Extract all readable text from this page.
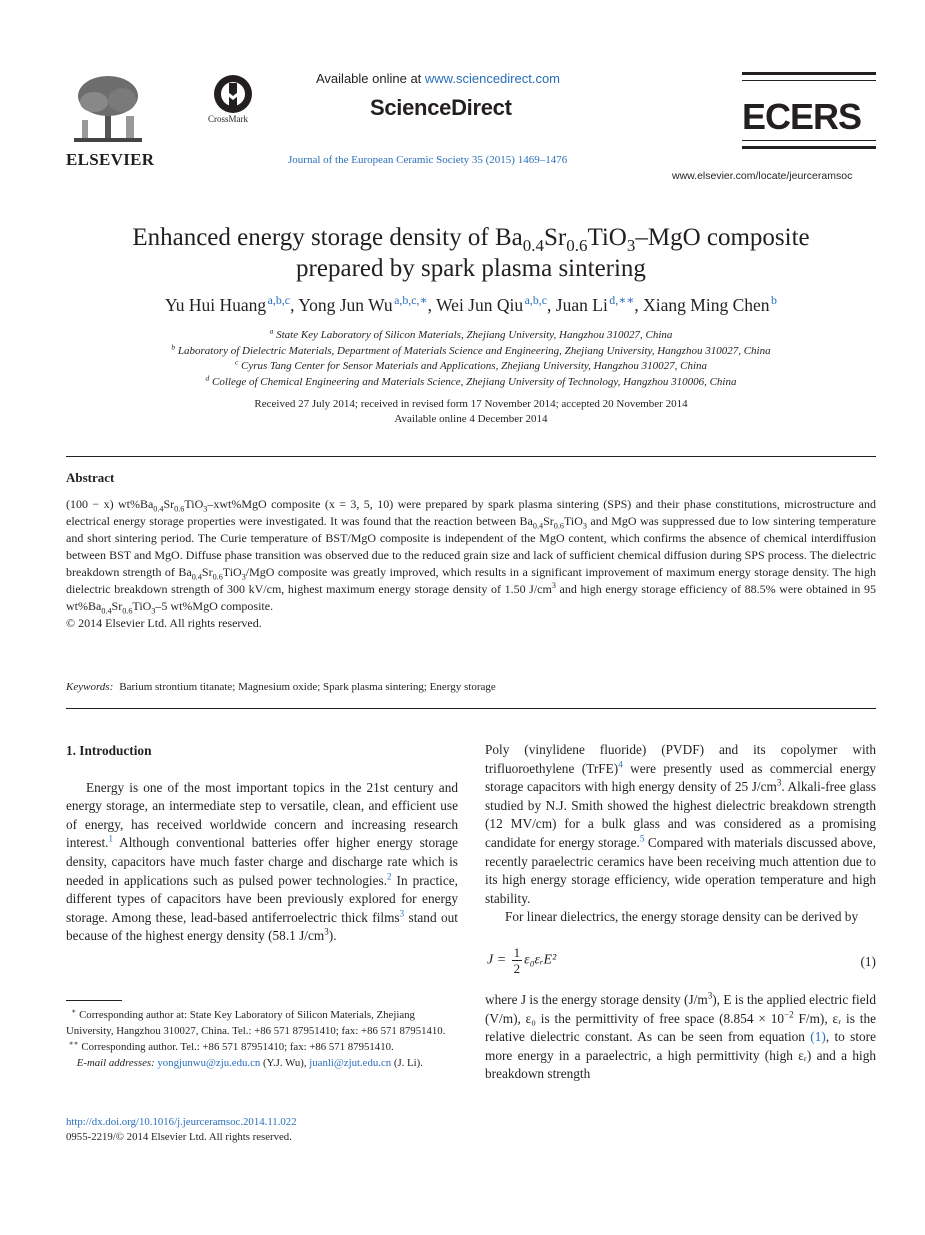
ELSEVIER
CrossMark
Available online at www.sciencedirect.com
ScienceDirect
Journal of the European Ceramic Society 35 (2015) 1469–1476
ECERS
www.elsevier.com/locate/jeurceramsoc
Enhanced energy storage density of $Ba_{0.4}Sr_{0.6}TiO_3$–MgO composite
prepared by spark plasma sintering
Yu Hui Huang $^{a,b,c}$, Yong Jun Wu $^{a,b,c,∗}$, Wei Jun Qiu $^{a,b,c}$, Juan Li $^{d,∗∗}$, Xiang Ming Chen $^b$
$^a$ State Key Laboratory of Silicon Materials, Zhejiang University, Hangzhou 310027, China
$^b$ Laboratory of Dielectric Materials, Department of Materials Science and Engineering, Zhejiang University, Hangzhou 310027, China
$^c$ Cyrus Tang Center for Sensor Materials and Applications, Zhejiang University, Hangzhou 310027, China
$^d$ College of Chemical Engineering and Materials Science, Zhejiang University of Technology, Hangzhou 310006, China
Received 27 July 2014; received in revised form 17 November 2014; accepted 20 November 2014
Available online 4 December 2014
Abstract
(100 − x) $wt\%Ba_{0.4}Sr_{0.6}TiO_3-xwt\%MgO$ composite (x = 3, 5, 10) were prepared by spark plasma sintering (SPS) and their phase constitutions, microstructure and electrical energy storage properties were investigated. It was found that the reaction between $Ba_{0.4}Sr_{0.6}TiO_3$ and MgO was suppressed due to low sintering temperature and short sintering period. The Curie temperature of BST/MgO composite is independent of the MgO content, which confirms the absence of chemical interdiffusion between BST and MgO. Diffuse phase transition was observed due to the reduced grain size and lack of sufficient chemical diffusion during SPS process. The dielectric breakdown strength of $Ba_{0.4}Sr_{0.6}TiO_3$/MgO composite was greatly improved, which results in a significant improvement of maximum energy storage density. The high dielectric breakdown strength of 300 kV/cm, highest maximum energy storage density of 1.50 $J/cm^3$ and high energy storage efficiency of 88.5% were obtained in 95 $wt\%Ba_{0.4}Sr_{0.6}TiO_3-5$ wt%MgO composite.
© 2014 Elsevier Ltd. All rights reserved.
Keywords: Barium strontium titanate; Magnesium oxide; Spark plasma sintering; Energy storage
1. Introduction

Energy is one of the most important topics in the 21st century and energy storage, an intermediate step to versatile, clean, and efficient use of energy, has received worldwide concern and increasing research interest.$^1$ Although conventional batteries offer higher energy storage density, capacitors have much faster charge and discharge rate which is needed in applications such as pulsed power technologies.$^2$ In practice, different types of capacitors have been previously explored for energy storage. Among these, lead-based antiferroelectric thick films$^3$ stand out because of the highest energy density (58.1 $J/cm^3$).

Poly (vinylidene fluoride) (PVDF) and its copolymer with trifluoroethylene (TrFE)$^4$ were presently used as commercial energy storage capacitors with high energy density of 25 $J/cm^3$. Alkali-free glass studied by N.J. Smith showed the highest dielectric breakdown strength (12 MV/cm) for a bulk glass and was considered as a promising candidate for energy storage.$^5$ Compared with materials discussed above, recently paraelectric ceramics have been receiving much attention due to its high energy storage efficiency, wide operation temperature and high stability.

For linear dielectrics, the energy storage density can be derived by

$J = \frac{1}{2}$ ε₀εᵣE²	(1)

where J is the energy storage density $(J/m^3)$, E is the applied electric field (V/m), ε₀ is the permittivity of free space ($8.854 \times 10^{-2}$ F/m), εᵣ is the relative dielectric constant. As can be seen from equation (1), to store more energy in a paraelectric, a high permittivity (high εᵣ) and a high breakdown strength

∗ Corresponding author at: State Key Laboratory of Silicon Materials, Zhejiang University, Hangzhou 310027, China. Tel.: +86 571 87951410; fax: +86 571 87951410.
∗∗ Corresponding author. Tel.: +86 571 87951410; fax: +86 571 87951410.
E-mail addresses: yongjunwu@zju.edu.cn (Y.J. Wu), juanli@zjut.edu.cn (J. Li).
http://dx.doi.org/10.1016/j.jeurceramsoc.2014.11.022
0955-2219/© 2014 Elsevier Ltd. All rights reserved.
